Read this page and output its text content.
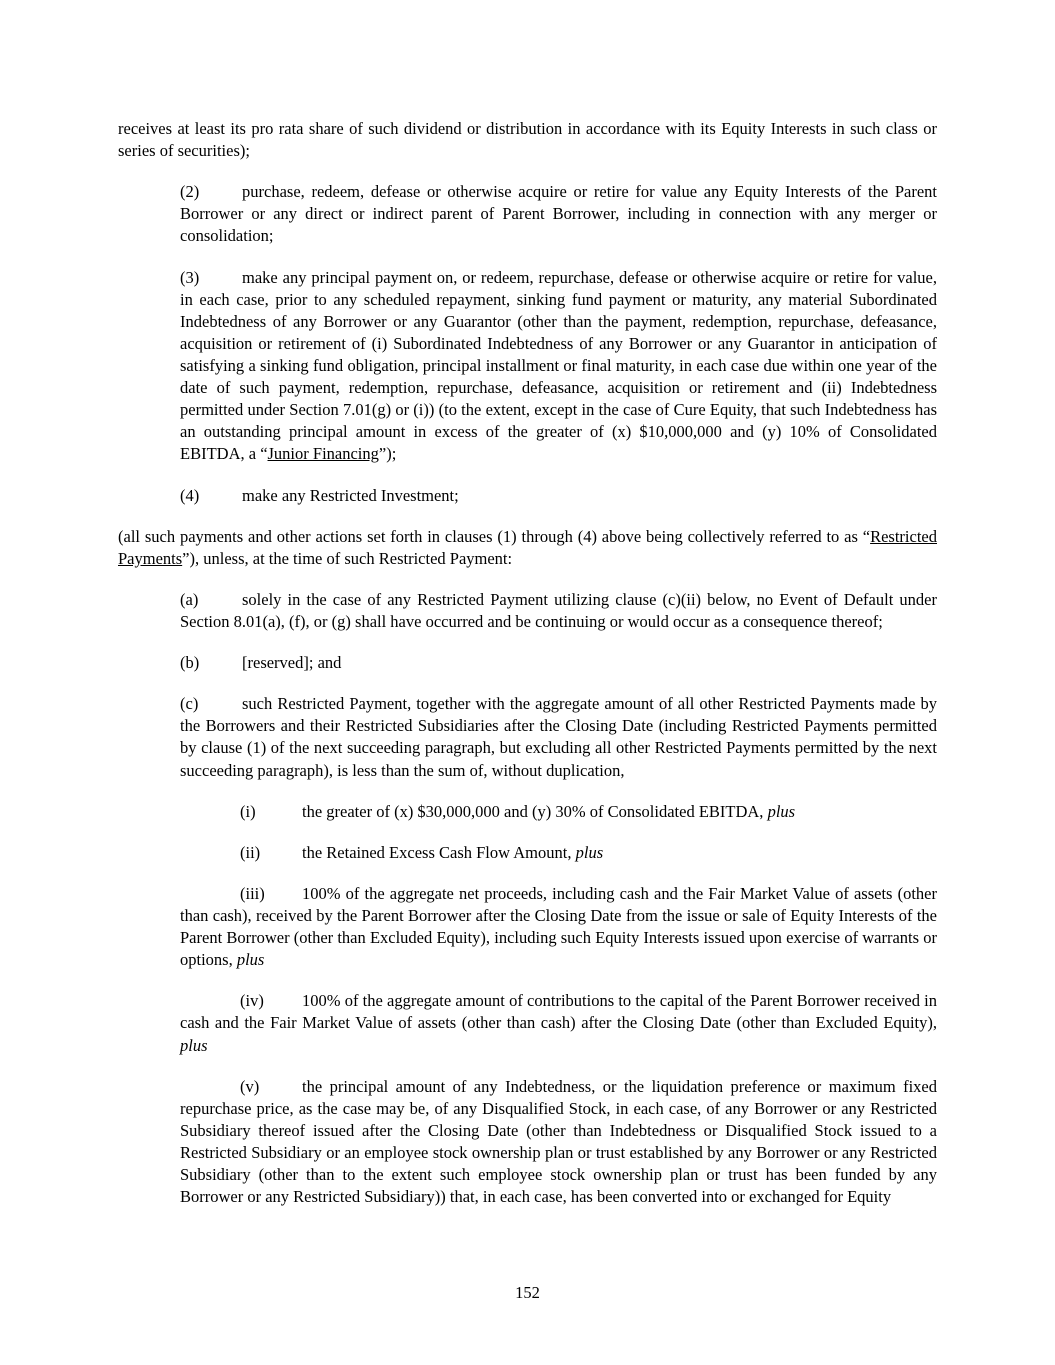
receives at least its pro rata share of such dividend or distribution in accordance with its Equity Interests in such class or series of securities);

(2)	purchase, redeem, defease or otherwise acquire or retire for value any Equity Interests of the Parent Borrower or any direct or indirect parent of Parent Borrower, including in connection with any merger or consolidation;

(3)	make any principal payment on, or redeem, repurchase, defease or otherwise acquire or retire for value, in each case, prior to any scheduled repayment, sinking fund payment or maturity, any material Subordinated Indebtedness of any Borrower or any Guarantor (other than the payment, redemption, repurchase, defeasance, acquisition or retirement of (i) Subordinated Indebtedness of any Borrower or any Guarantor in anticipation of satisfying a sinking fund obligation, principal installment or final maturity, in each case due within one year of the date of such payment, redemption, repurchase, defeasance, acquisition or retirement and (ii) Indebtedness permitted under Section 7.01(g) or (i)) (to the extent, except in the case of Cure Equity, that such Indebtedness has an outstanding principal amount in excess of the greater of (x) $10,000,000 and (y) 10% of Consolidated EBITDA, a “Junior Financing”);

(4)	make any Restricted Investment;

(all such payments and other actions set forth in clauses (1) through (4) above being collectively referred to as “Restricted Payments”), unless, at the time of such Restricted Payment:

(a)	solely in the case of any Restricted Payment utilizing clause (c)(ii) below, no Event of Default under Section 8.01(a), (f), or (g) shall have occurred and be continuing or would occur as a consequence thereof;

(b)	[reserved]; and

(c)	such Restricted Payment, together with the aggregate amount of all other Restricted Payments made by the Borrowers and their Restricted Subsidiaries after the Closing Date (including Restricted Payments permitted by clause (1) of the next succeeding paragraph, but excluding all other Restricted Payments permitted by the next succeeding paragraph), is less than the sum of, without duplication,

(i)	the greater of (x) $30,000,000 and (y) 30% of Consolidated EBITDA, plus

(ii)	the Retained Excess Cash Flow Amount, plus

(iii) 100% of the aggregate net proceeds, including cash and the Fair Market Value of assets (other than cash), received by the Parent Borrower after the Closing Date from the issue or sale of Equity Interests of the Parent Borrower (other than Excluded Equity), including such Equity Interests issued upon exercise of warrants or options, plus

(iv) 100% of the aggregate amount of contributions to the capital of the Parent Borrower received in cash and the Fair Market Value of assets (other than cash) after the Closing Date (other than Excluded Equity), plus

(v)	the principal amount of any Indebtedness, or the liquidation preference or maximum fixed repurchase price, as the case may be, of any Disqualified Stock, in each case, of any Borrower or any Restricted Subsidiary thereof issued after the Closing Date (other than Indebtedness or Disqualified Stock issued to a Restricted Subsidiary or an employee stock ownership plan or trust established by any Borrower or any Restricted Subsidiary (other than to the extent such employee stock ownership plan or trust has been funded by any Borrower or any Restricted Subsidiary)) that, in each case, has been converted into or exchanged for Equity

152
